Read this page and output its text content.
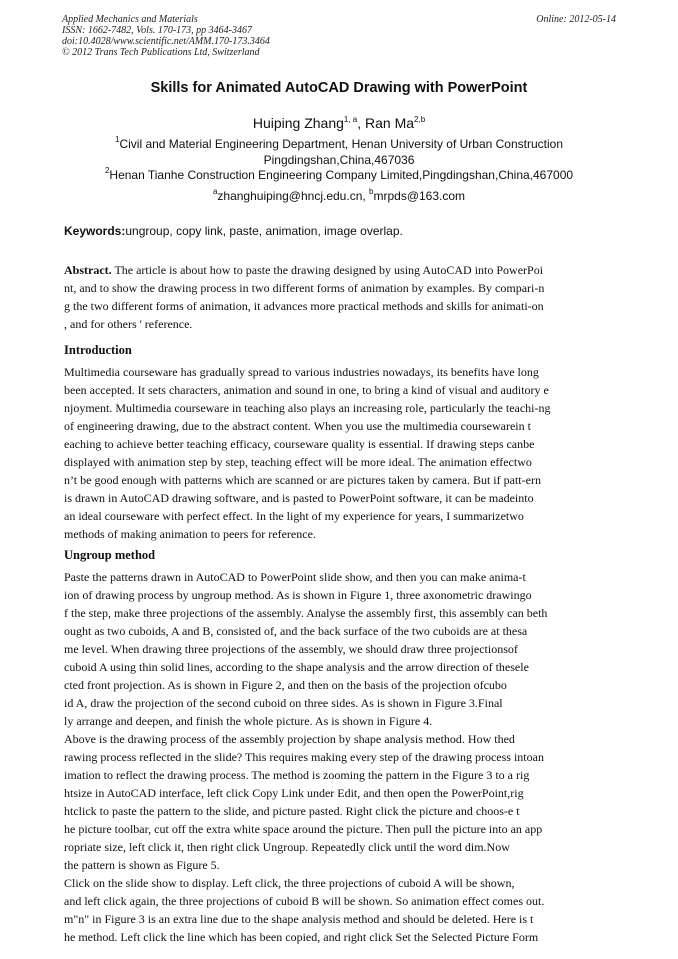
Applied Mechanics and Materials
ISSN: 1662-7482, Vols. 170-173, pp 3464-3467
doi:10.4028/www.scientific.net/AMM.170-173.3464
© 2012 Trans Tech Publications Ltd, Switzerland
Online: 2012-05-14
Skills for Animated AutoCAD Drawing with PowerPoint
Huiping Zhang$^{1, a}$, Ran Ma$^{2,b}$
$^1$Civil and Material Engineering Department, Henan University of Urban Construction
Pingdingshan,China,467036
$^2$Henan Tianhe Construction Engineering Company Limited,Pingdingshan,China,467000
$^a$zhanghuiping@hncj.edu.cn, $^b$mrpds@163.com
Keywords:ungroup, copy link, paste, animation, image overlap.
Abstract. The article is about how to paste the drawing designed by using AutoCAD into PowerPoi
nt, and to show the drawing process in two different forms of animation by examples. By compari-n
g the two different forms of animation, it advances more practical methods and skills for animati-on
, and for others ' reference.
Introduction
Multimedia courseware has gradually spread to various industries nowadays, its benefits have long
been accepted. It sets characters, animation and sound in one, to bring a kind of visual and auditory e
njoyment. Multimedia courseware in teaching also plays an increasing role, particularly the teachi-ng
of engineering drawing, due to the abstract content. When you use the multimedia coursewarein t
eaching to achieve better teaching efficacy, courseware quality is essential. If drawing steps canbe
displayed with animation step by step, teaching effect will be more ideal. The animation effectwo
n’t be good enough with patterns which are scanned or are pictures taken by camera. But if patt-ern
is drawn in AutoCAD drawing software, and is pasted to PowerPoint software, it can be madeinto
an ideal courseware with perfect effect. In the light of my experience for years, I summarizetwo
methods of making animation to peers for reference.
Ungroup method
Paste the patterns drawn in AutoCAD to PowerPoint slide show, and then you can make anima-t
ion of drawing process by ungroup method. As is shown in Figure 1, three axonometric drawingo
f the step, make three projections of the assembly. Analyse the assembly first, this assembly can beth
ought as two cuboids, A and B, consisted of, and the back surface of the two cuboids are at thesa
me level. When drawing three projections of the assembly, we should draw three projectionsof
cuboid A using thin solid lines, according to the shape analysis and the arrow direction of theselе
cted front projection. As is shown in Figure 2, and then on the basis of the projection ofcubo
id A, draw the projection of the second cuboid on three sides. As is shown in Figure 3.Final
ly arrange and deepen, and finish the whole picture. As is shown in Figure 4.
Above is the drawing process of the assembly projection by shape analysis method. How thed
rawing process reflected in the slide? This requires making every step of the drawing process intoan
imation to reflect the drawing process. The method is zooming the pattern in the Figure 3 to a rig
htsize in AutoCAD interface, left click Copy Link under Edit, and then open the PowerPoint,rig
htclick to paste the pattern to the slide, and picture pasted. Right click the picture and choos-e t
he picture toolbar, cut off the extra white space around the picture. Then pull the picture into an app
ropriate size, left click it, then right click Ungroup. Repeatedly click until the word dim.Now
the pattern is shown as Figure 5.
Click on the slide show to display. Left click, the three projections of cuboid A will be shown,
and left click again, the three projections of cuboid B will be shown. So animation effect comes out.
m"n" in Figure 3 is an extra line due to the shape analysis method and should be deleted. Here is t
he method. Left click the line which has been copied, and right click Set the Selected Picture Form
